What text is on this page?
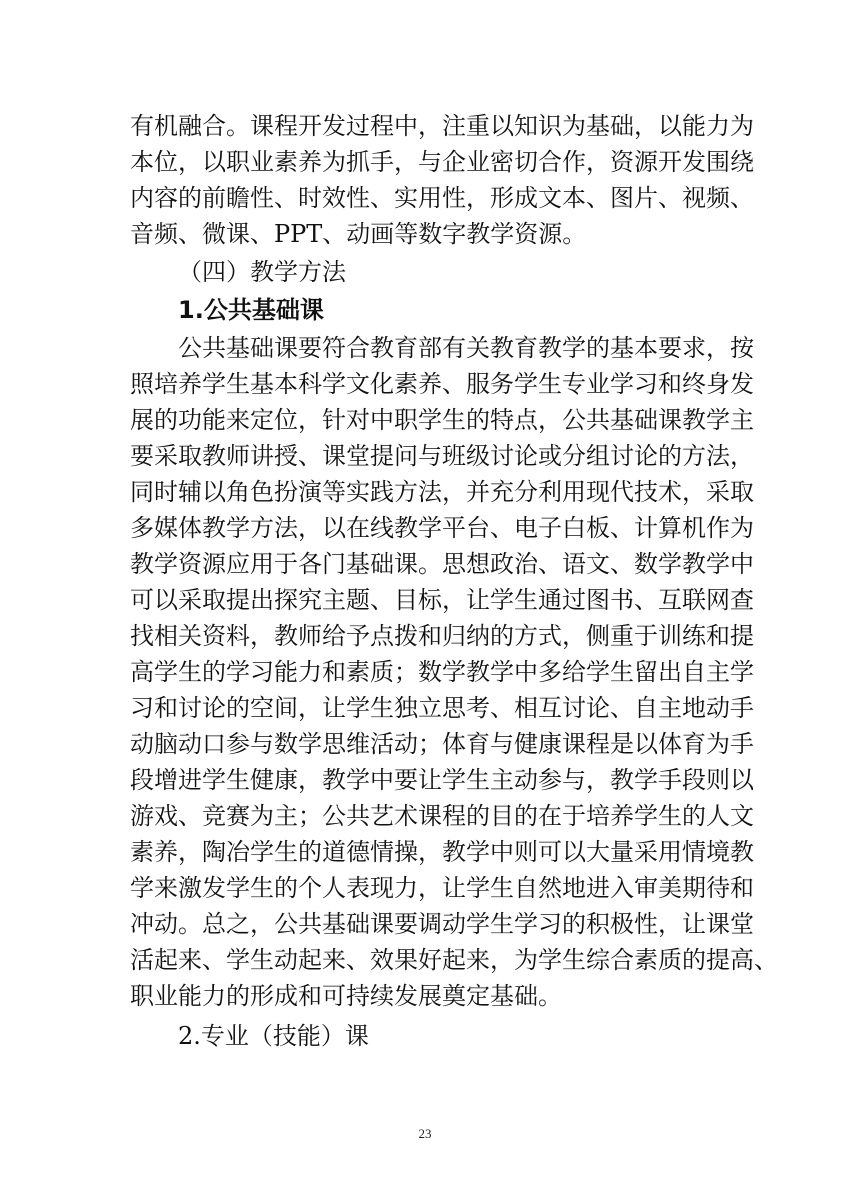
有机融合。课程开发过程中，注重以知识为基础，以能力为
本位，以职业素养为抓手，与企业密切合作，资源开发围绕
内容的前瞻性、时效性、实用性，形成文本、图片、视频、
音频、微课、PPT、动画等数字教学资源。
（四）教学方法
1.公共基础课
　　公共基础课要符合教育部有关教育教学的基本要求，按
照培养学生基本科学文化素养、服务学生专业学习和终身发
展的功能来定位，针对中职学生的特点，公共基础课教学主
要采取教师讲授、课堂提问与班级讨论或分组讨论的方法，
同时辅以角色扮演等实践方法，并充分利用现代技术，采取
多媒体教学方法，以在线教学平台、电子白板、计算机作为
教学资源应用于各门基础课。思想政治、语文、数学教学中
可以采取提出探究主题、目标，让学生通过图书、互联网查
找相关资料，教师给予点拨和归纳的方式，侧重于训练和提
高学生的学习能力和素质；数学教学中多给学生留出自主学
习和讨论的空间，让学生独立思考、相互讨论、自主地动手
动脑动口参与数学思维活动；体育与健康课程是以体育为手
段增进学生健康，教学中要让学生主动参与，教学手段则以
游戏、竞赛为主；公共艺术课程的目的在于培养学生的人文
素养，陶冶学生的道德情操，教学中则可以大量采用情境教
学来激发学生的个人表现力，让学生自然地进入审美期待和
冲动。总之，公共基础课要调动学生学习的积极性，让课堂
活起来、学生动起来、效果好起来，为学生综合素质的提高、
职业能力的形成和可持续发展奠定基础。
2.专业（技能）课
23
